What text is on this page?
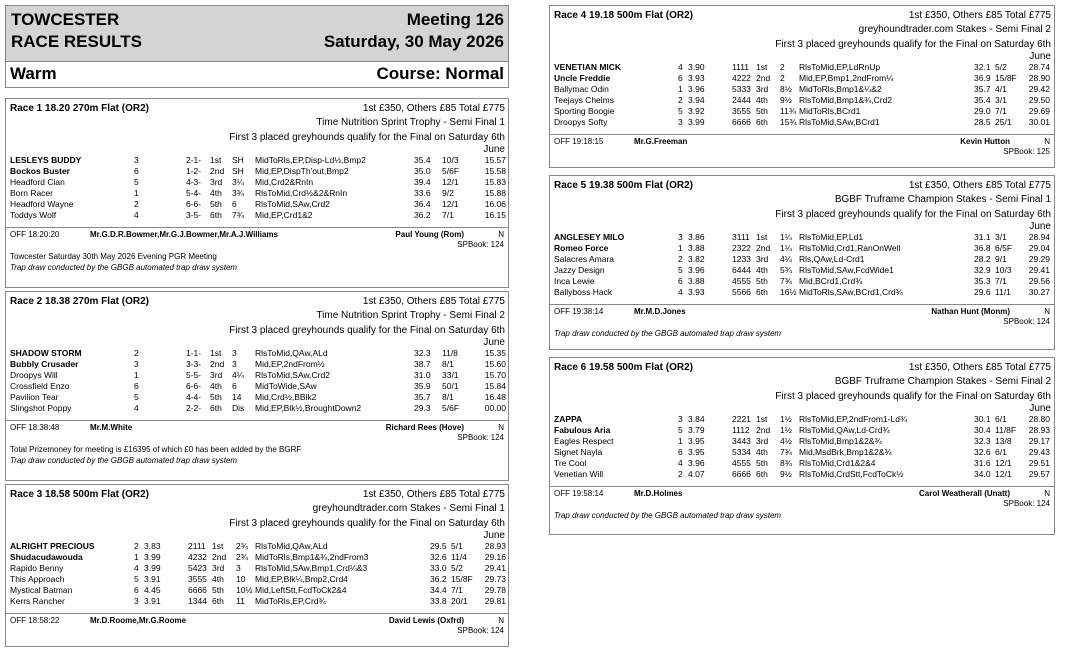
TOWCESTER
RACE RESULTS
Meeting 126
Saturday, 30 May 2026
Warm	Course: Normal
Race 1 18.20 270m Flat (OR2)	1st £350, Others £85 Total £775
Time Nutrition Sprint Trophy - Semi Final 1
First 3 placed greyhounds qualify for the Final on Saturday 6th
June
LESLEYS BUDDY	3	2-1- 1st SH MidToRls,EP,Disp-Ld½,Bmp2	35.4 10/3	15.57
Bockos Buster	6	1-2- 2nd SH Mid,EP,DispTh'out,Bmp2	35.0 5/6F	15.58
Headford Cian	5	4-3- 3rd 3¼ Mid,Crd2&RnIn	39.4 12/1	15.83
Born Racer	1	5-4- 4th 3¾ RlsToMid,Crd½&2&RnIn	33.6 9/2	15.88
Headford Wayne	2	6-6- 5th 6 RlsToMid,SAw,Crd2	36.4 12/1	16.06
Toddys Wolf	4	3-5- 6th 7¾ Mid,EP,Crd1&2	36.2 7/1	16.15
OFF 18:20:20	Mr.G.D.R.Bowmer,Mr.G.J.Bowmer,Mr.A.J.Williams	Paul Young (Rom)	N
SPBook: 124
Towcester Saturday 30th May 2026 Evening PGR Meeting
Trap draw conducted by the GBGB automated trap draw system
Race 2 18.38 270m Flat (OR2)	1st £350, Others £85 Total £775
Time Nutrition Sprint Trophy - Semi Final 2
First 3 placed greyhounds qualify for the Final on Saturday 6th
June
SHADOW STORM	2	1-1- 1st 3 RlsToMid,QAw,ALd	32.3 11/8	15.35
Bubbly Crusader	3	3-3- 2nd 3 Mid,EP,2ndFrom½	38.7 8/1	15.60
Droopys Will	1	5-5- 3rd 4¼ RlsToMid,SAw,Crd2	31.0 33/1	15.70
Crossfield Enzo	6	6-6- 4th 6 MidToWide,SAw	35.9 50/1	15.84
Pavilion Tear	5	4-4- 5th 14 Mid,Crd½,BBlk2	35.7 8/1	16.48
Slingshot Poppy	4	2-2- 6th Dis Mid,EP,Blk½,BroughtDown2	29.3 5/6F	00.00
OFF 18:38:48	Mr.M.White	Richard Rees (Hove)	N
SPBook: 124
Total Prizemoney for meeting is £16395 of which £0 has been added by the BGRF
Trap draw conducted by the GBGB automated trap draw system
Race 3 18.58 500m Flat (OR2)	1st £350, Others £85 Total £775
greyhoundtrader.com Stakes - Semi Final 1
First 3 placed greyhounds qualify for the Final on Saturday 6th
June
ALRIGHT PRECIOUS	2 3.83	2111 1st 2¾ RlsToMid,QAw,ALd	29.5 5/1	28.93
Shudacudawouda	1 3.99	4232 2nd 2¾ MidToRls,Bmp1&¾,2ndFrom3	32.6 11/4 29.16
Rapido Benny	4 3.99	5423 3rd 3 RlsToMid,SAw,Bmp1,Crd¼&3	33.0 5/2	29.41
This Approach	5 3.91	3555 4th 10 Mid,EP,Blk¼,Bmp2,Crd4	36.2 15/8F 29.73
Mystical Batman	6 4.45	6666 5th 10½ Mid,LeftStt,FcdToCk2&4	34.4 7/1	29.78
Kerrs Rancher	3 3.91	1344 6th 11 MidToRls,EP,Crd¾	33.8 20/1 29.81
OFF 18:58:22	Mr.D.Roome,Mr.G.Roome	David Lewis (Oxfrd)	N
SPBook: 124
Race 4 19.18 500m Flat (OR2)	1st £350, Others £85 Total £775
greyhoundtrader.com Stakes - Semi Final 2
First 3 placed greyhounds qualify for the Final on Saturday 6th
June
VENETIAN MICK	4 3.90	1111 1st 2 RlsToMid,EP,LdRnUp	32.1 5/2	28.74
Uncle Freddie	6 3.93	4222 2nd 2 Mid,EP,Bmp1,2ndFrom¼	36.9 15/8F 28.90
Ballymac Odin	1 3.96	5333 3rd 8½ MidToRls,Bmp1&¼&2	35.7 4/1	29.42
Teejays Chelms	2 3.94	2444 4th 9½ RlsToMid,Bmp1&¾,Crd2	35.4 3/1	29.50
Sporting Boogie	5 3.92	3555 5th 11¾ MidToRls,BCrd1	29.0 7/1	29.69
Droopys Softy	3 3.99	6666 6th 15¾ RlsToMid,SAw,BCrd1	28.5 25/1 30.01
OFF 19:18:15	Mr.G.Freeman	Kevin Hutton	N
SPBook: 125
Race 5 19.38 500m Flat (OR2)	1st £350, Others £85 Total £775
BGBF Truframe Champion Stakes - Semi Final 1
First 3 placed greyhounds qualify for the Final on Saturday 6th
June
ANGLESEY MILO	3 3.86	3111 1st 1¼ RlsToMid,EP,Ld1	31.1 3/1	28.94
Romeo Force	1 3.88	2322 2nd 1¼ RlsToMid,Crd1,RanOnWell	36.8 6/5F 29.04
Salacres Amara	2 3.82	1233 3rd 4¼ Rls,QAw,Ld-Crd1	28.2 9/1	29.29
Jazzy Design	5 3.96	6444 4th 5¾ RlsToMid,SAw,FcdWide1	32.9 10/3 29.41
Inca Lewie	6 3.88	4555 5th 7¾ Mid,BCrd1,Crd¾	35.3 7/1	29.56
Ballyboss Hack	4 3.93	5566 6th 16½ MidToRls,SAw,BCrd1,Crd¾	29.6 11/1 30.27
OFF 19:38:14	Mr.M.D.Jones	Nathan Hunt (Monm)	N
SPBook: 124
Trap draw conducted by the GBGB automated trap draw system
Race 6 19.58 500m Flat (OR2)	1st £350, Others £85 Total £775
BGBF Truframe Champion Stakes - Semi Final 2
First 3 placed greyhounds qualify for the Final on Saturday 6th
June
ZAPPA	3 3.84	2221 1st 1½ RlsToMid,EP,2ndFrom1-Ld¾	30.1 6/1	28.80
Fabulous Aria	5 3.79	1112 2nd 1½ RlsToMid,QAw,Ld-Crd¾	30.4 11/8F 28.93
Eagles Respect	1 3.95	3443 3rd 4½ RlsToMid,Bmp1&2&¾	32.3 13/8 29.17
Signet Nayla	6 3.95	5334 4th 7¾ Mid,MsdBrk,Bmp1&2&¾	32.6 6/1	29.43
Tre Cool	4 3.96	4555 5th 8¾ RlsToMid,Crd1&2&4	31.6 12/1 29.51
Venetian Will	2 4.07	6666 6th 9½ RlsToMid,CrdStt,FcdToCk½	34.0 12/1 29.57
OFF 19:58:14	Mr.D.Holmes	Carol Weatherall (Unatt)	N
SPBook: 124
Trap draw conducted by the GBGB automated trap draw system
